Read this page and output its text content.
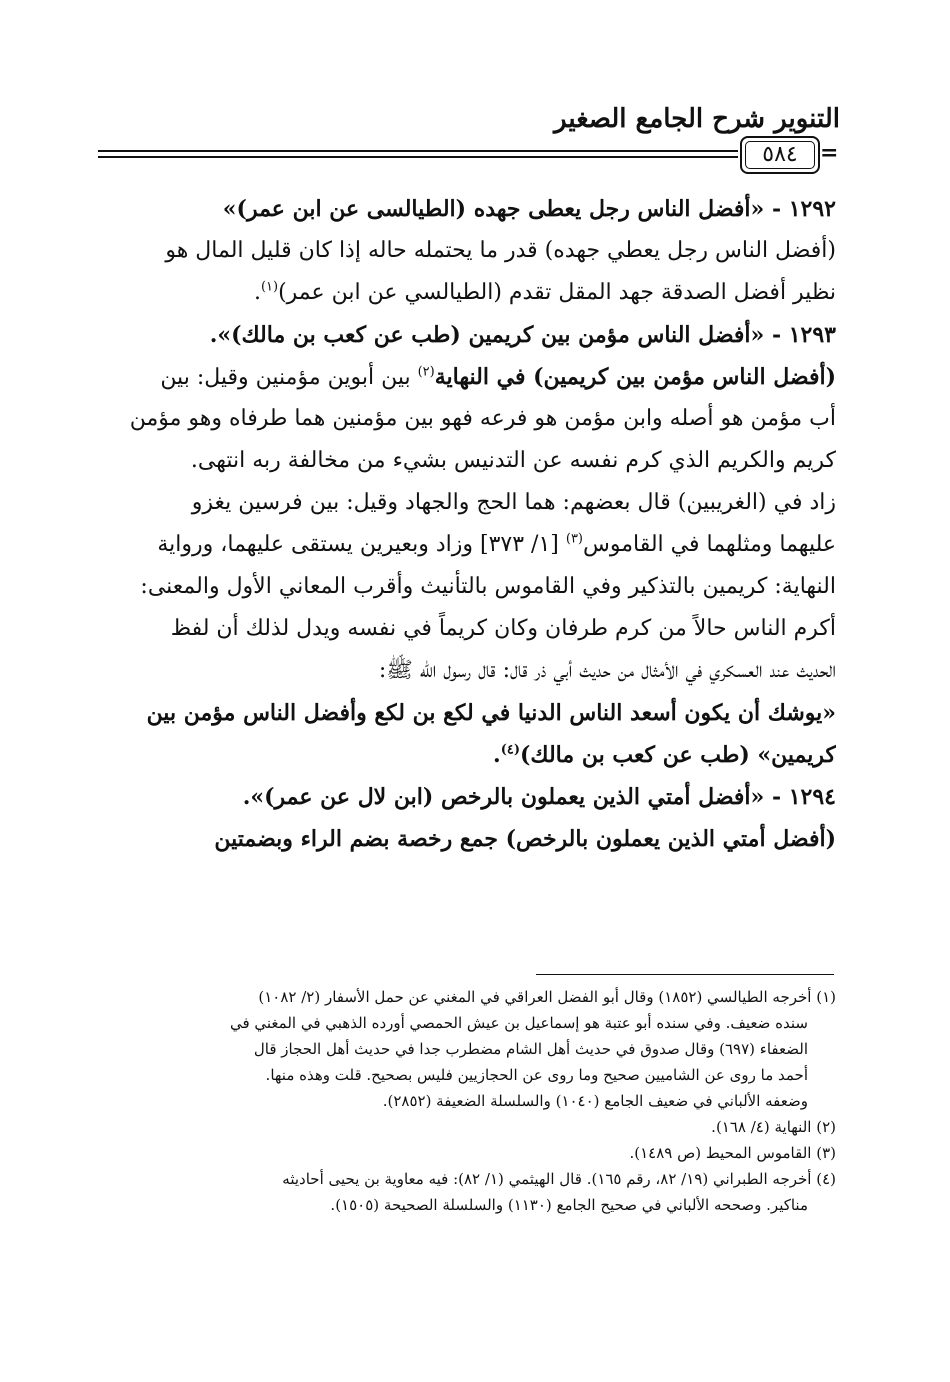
التنوير شرح الجامع الصغير
٥٨٤	=
١٢٩٢ - «أفضل الناس رجل يعطى جهده (الطيالسى عن ابن عمر)»
(أفضل الناس رجل يعطي جهده) قدر ما يحتمله حاله إذا كان قليل المال هو
نظير أفضل الصدقة جهد المقل تقدم (الطيالسي عن ابن عمر)$^{(١)}$.
١٢٩٣ - «أفضل الناس مؤمن بين كريمين (طب عن كعب بن مالك)».
(أفضل الناس مؤمن بين كريمين) في النهاية$^{(٢)}$ بين أبوين مؤمنين وقيل: بين
أب مؤمن هو أصله وابن مؤمن هو فرعه فهو بين مؤمنين هما طرفاه وهو مؤمن
كريم والكريم الذي كرم نفسه عن التدنيس بشيء من مخالفة ربه انتهى.
زاد في (الغريبين) قال بعضهم: هما الحج والجهاد وقيل: بين فرسين يغزو
عليهما ومثلهما في القاموس$^{(٣)}$ [١/ ٣٧٣] وزاد وبعيرين يستقى عليهما، ورواية
النهاية: كريمين بالتذكير وفي القاموس بالتأنيث وأقرب المعاني الأول والمعنى:
أكرم الناس حالاً من كرم طرفان وكان كريماً في نفسه ويدل لذلك أن لفظ
الحديث عند العسكري في الأمثال من حديث أبي ذر قال: قال رسول الله ﷺ:
«يوشك أن يكون أسعد الناس الدنيا في لكع بن لكع وأفضل الناس مؤمن بين
كريمين» (طب عن كعب بن مالك)$^{(٤)}$.
١٢٩٤ - «أفضل أمتي الذين يعملون بالرخص (ابن لال عن عمر)».
(أفضل أمتي الذين يعملون بالرخص) جمع رخصة بضم الراء وبضمتين
(١) أخرجه الطيالسي (١٨٥٢) وقال أبو الفضل العراقي في المغني عن حمل الأسفار (٢/ ١٠٨٢)
سنده ضعيف. وفي سنده أبو عتبة هو إسماعيل بن عيش الحمصي أورده الذهبي في المغني في
الضعفاء (٦٩٧) وقال صدوق في حديث أهل الشام مضطرب جدا في حديث أهل الحجاز قال
أحمد ما روى عن الشاميين صحيح وما روى عن الحجازيين فليس بصحيح. قلت وهذه منها.
وضعفه الألباني في ضعيف الجامع (١٠٤٠) والسلسلة الضعيفة (٢٨٥٢).
(٢) النهاية (٤/ ١٦٨).
(٣) القاموس المحيط (ص ١٤٨٩).
(٤) أخرجه الطبراني (١٩/ ٨٢، رقم ١٦٥). قال الهيثمي (١/ ٨٢): فيه معاوية بن يحيى أحاديثه
مناكير. وصححه الألباني في صحيح الجامع (١١٣٠) والسلسلة الصحيحة (١٥٠٥).
